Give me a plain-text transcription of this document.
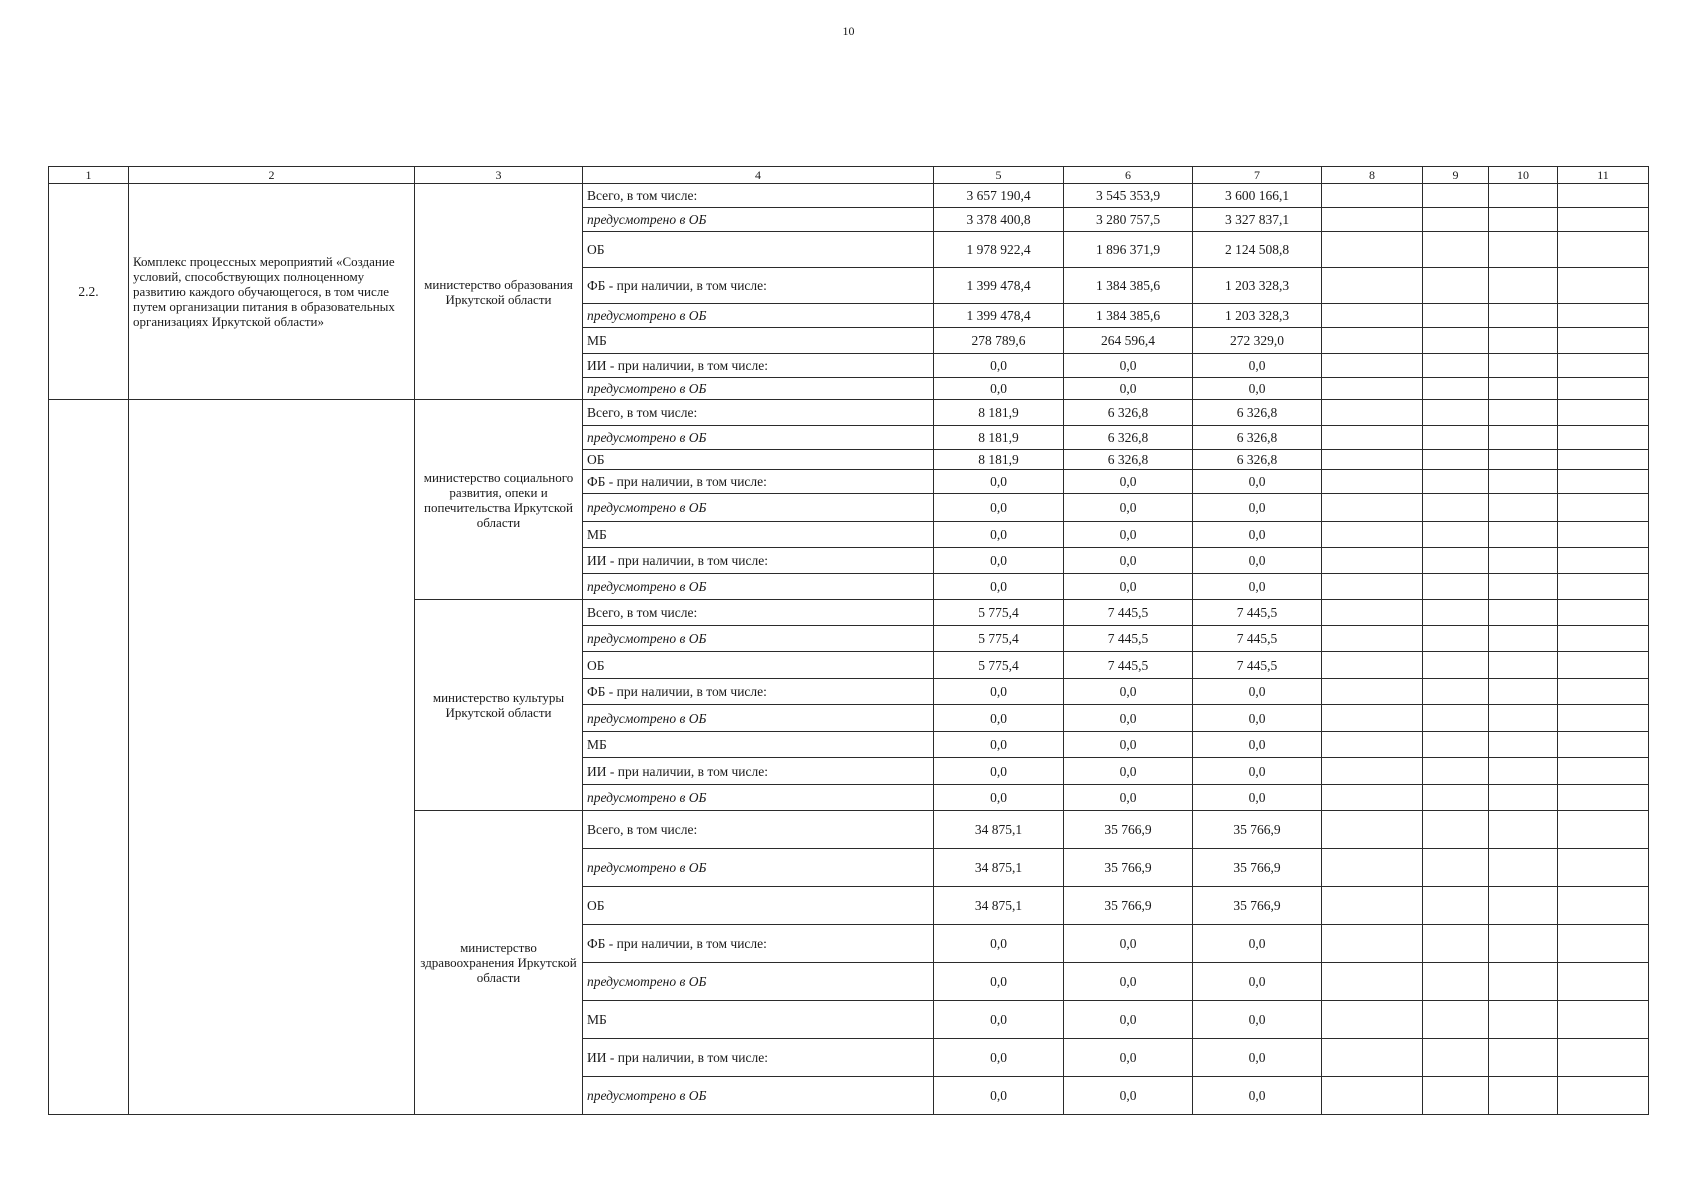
10
1	2	3	4	5	6	7	8	9	10	11
2.2.	Комплекс процессных мероприятий «Создание условий, способствующих полноценному развитию каждого обучающегося, в том числе путем организации питания в образовательных организациях Иркутской области»	министерство образования Иркутской области	Всего, в том числе:	3 657 190,4	3 545 353,9	3 600 166,1				
			предусмотрено в ОБ	3 378 400,8	3 280 757,5	3 327 837,1				
			ОБ	1 978 922,4	1 896 371,9	2 124 508,8				
			ФБ - при наличии, в том числе:	1 399 478,4	1 384 385,6	1 203 328,3				
			предусмотрено в ОБ	1 399 478,4	1 384 385,6	1 203 328,3				
			МБ	278 789,6	264 596,4	272 329,0				
			ИИ - при наличии, в том числе:	0,0	0,0	0,0				
			предусмотрено в ОБ	0,0	0,0	0,0				
		министерство социального развития, опеки и попечительства Иркутской области	Всего, в том числе:	8 181,9	6 326,8	6 326,8				
			предусмотрено в ОБ	8 181,9	6 326,8	6 326,8				
			ОБ	8 181,9	6 326,8	6 326,8				
			ФБ - при наличии, в том числе:	0,0	0,0	0,0				
			предусмотрено в ОБ	0,0	0,0	0,0				
			МБ	0,0	0,0	0,0				
			ИИ - при наличии, в том числе:	0,0	0,0	0,0				
			предусмотрено в ОБ	0,0	0,0	0,0				
		министерство культуры Иркутской области	Всего, в том числе:	5 775,4	7 445,5	7 445,5				
			предусмотрено в ОБ	5 775,4	7 445,5	7 445,5				
			ОБ	5 775,4	7 445,5	7 445,5				
			ФБ - при наличии, в том числе:	0,0	0,0	0,0				
			предусмотрено в ОБ	0,0	0,0	0,0				
			МБ	0,0	0,0	0,0				
			ИИ - при наличии, в том числе:	0,0	0,0	0,0				
			предусмотрено в ОБ	0,0	0,0	0,0				
		министерство здравоохранения Иркутской области	Всего, в том числе:	34 875,1	35 766,9	35 766,9				
			предусмотрено в ОБ	34 875,1	35 766,9	35 766,9				
			ОБ	34 875,1	35 766,9	35 766,9				
			ФБ - при наличии, в том числе:	0,0	0,0	0,0				
			предусмотрено в ОБ	0,0	0,0	0,0				
			МБ	0,0	0,0	0,0				
			ИИ - при наличии, в том числе:	0,0	0,0	0,0				
			предусмотрено в ОБ	0,0	0,0	0,0				
